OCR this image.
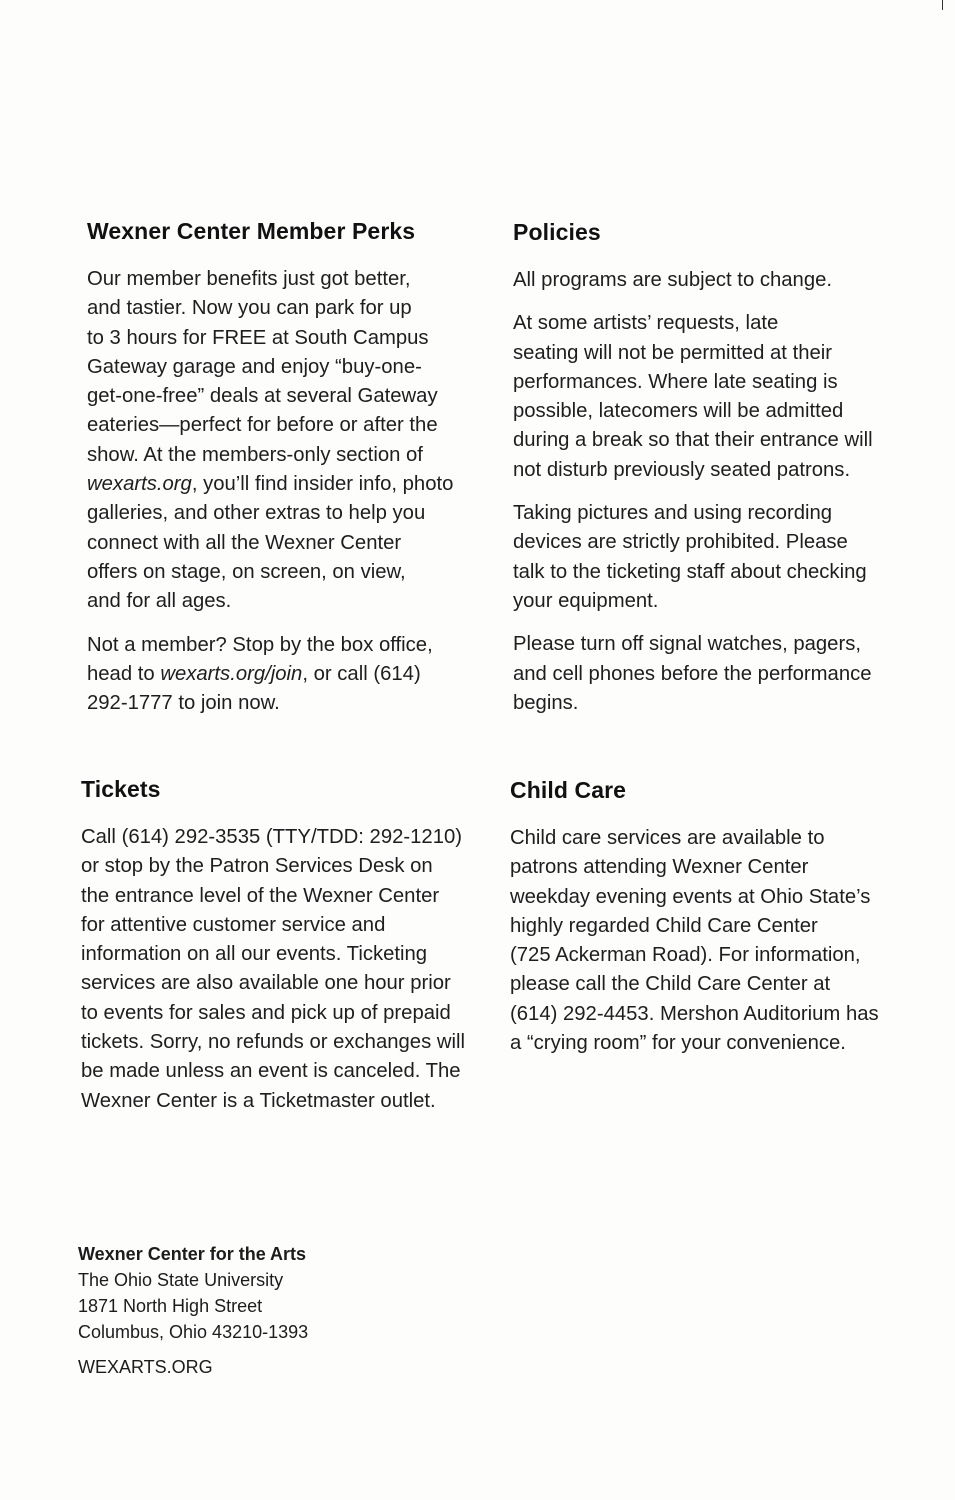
Wexner Center Member Perks

Our member benefits just got better,
and tastier. Now you can park for up
to 3 hours for FREE at South Campus
Gateway garage and enjoy “buy-one-
get-one-free” deals at several Gateway
eateries—perfect for before or after the
show. At the members-only section of
wexarts.org, you’ll find insider info, photo
galleries, and other extras to help you
connect with all the Wexner Center
offers on stage, on screen, on view,
and for all ages.

Not a member? Stop by the box office,
head to wexarts.org/join, or call (614)
292-1777 to join now.

Policies

All programs are subject to change.

At some artists’ requests, late
seating will not be permitted at their
performances. Where late seating is
possible, latecomers will be admitted
during a break so that their entrance will
not disturb previously seated patrons.

Taking pictures and using recording
devices are strictly prohibited. Please
talk to the ticketing staff about checking
your equipment.

Please turn off signal watches, pagers,
and cell phones before the performance
begins.

Tickets

Call (614) 292-3535 (TTY/TDD: 292-1210)
or stop by the Patron Services Desk on
the entrance level of the Wexner Center
for attentive customer service and
information on all our events. Ticketing
services are also available one hour prior
to events for sales and pick up of prepaid
tickets. Sorry, no refunds or exchanges will
be made unless an event is canceled. The
Wexner Center is a Ticketmaster outlet.

Child Care

Child care services are available to
patrons attending Wexner Center
weekday evening events at Ohio State’s
highly regarded Child Care Center
(725 Ackerman Road). For information,
please call the Child Care Center at
(614) 292-4453. Mershon Auditorium has
a “crying room” for your convenience.

Wexner Center for the Arts
The Ohio State University
1871 North High Street
Columbus, Ohio 43210-1393
WEXARTS.ORG
